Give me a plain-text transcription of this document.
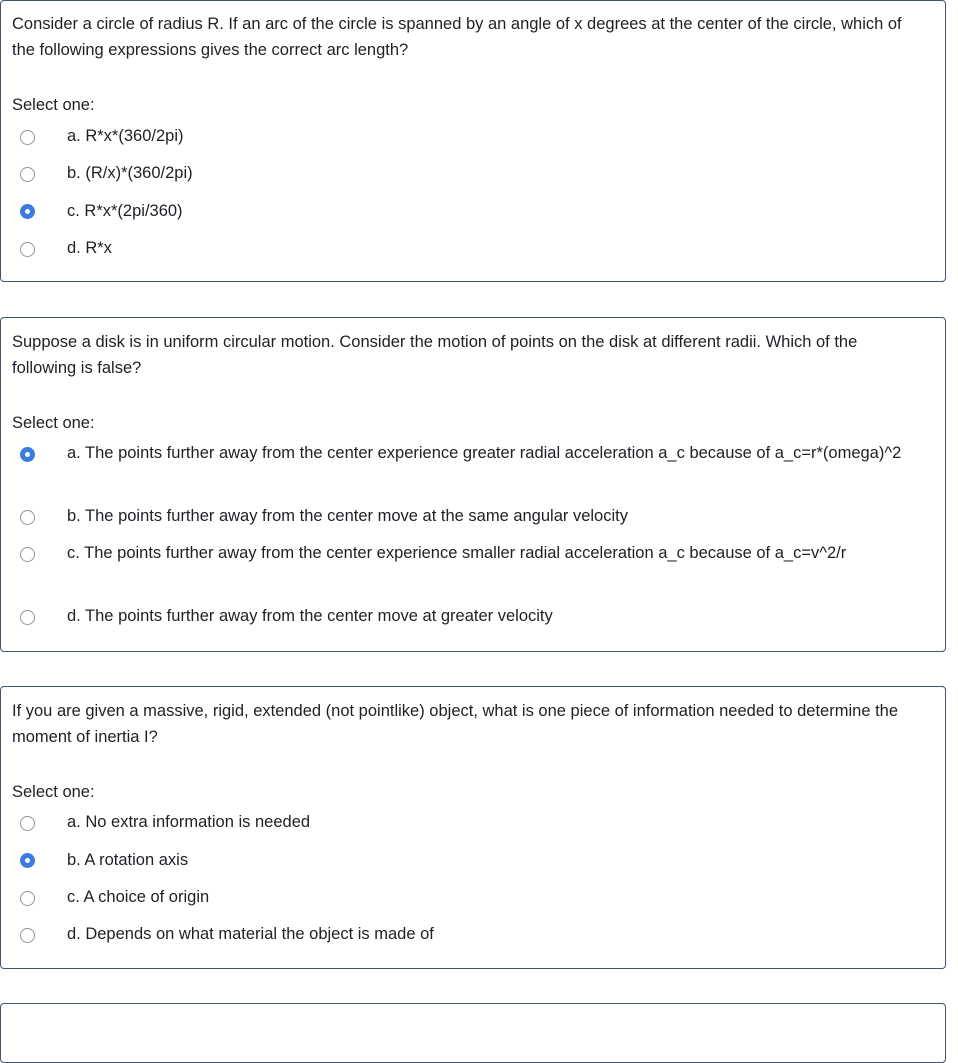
Consider a circle of radius R. If an arc of the circle is spanned by an angle of x degrees at the center of the circle, which of the following expressions gives the correct arc length?
Select one:
a. R*x*(360/2pi)
b. (R/x)*(360/2pi)
c. R*x*(2pi/360)
d. R*x
Suppose a disk is in uniform circular motion. Consider the motion of points on the disk at different radii. Which of the following is false?
Select one:
a. The points further away from the center experience greater radial acceleration a_c because of a_c=r*(omega)^2
b. The points further away from the center move at the same angular velocity
c. The points further away from the center experience smaller radial acceleration a_c because of a_c=v^2/r
d. The points further away from the center move at greater velocity
If you are given a massive, rigid, extended (not pointlike) object, what is one piece of information needed to determine the moment of inertia I?
Select one:
a. No extra information is needed
b. A rotation axis
c. A choice of origin
d. Depends on what material the object is made of
